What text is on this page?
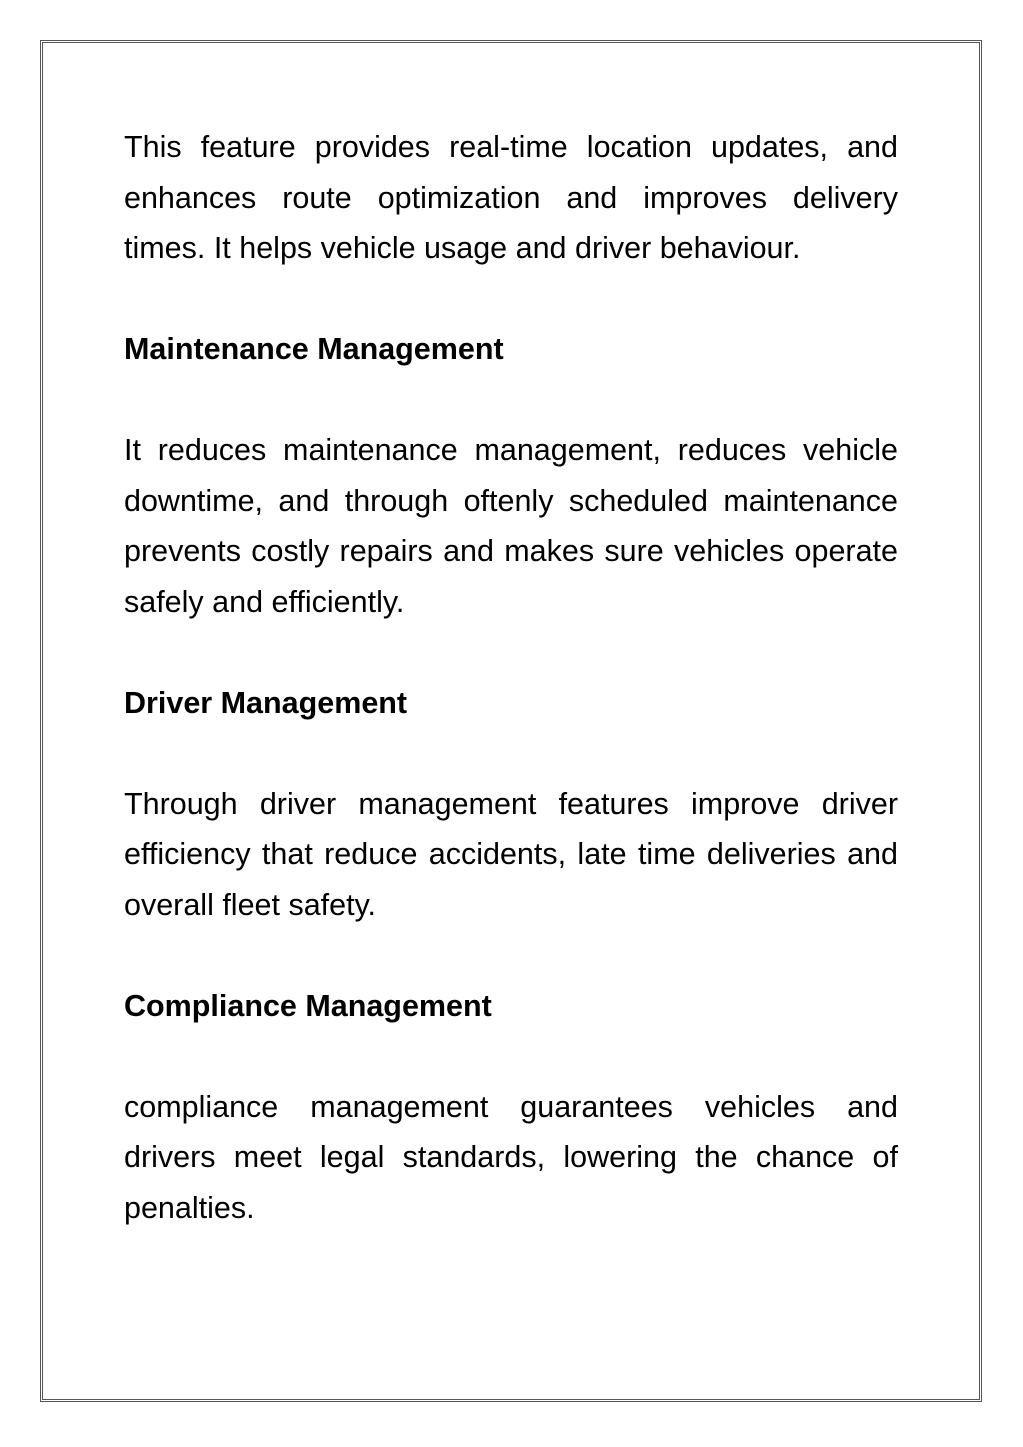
This feature provides real-time location updates, and enhances route optimization and improves delivery times. It helps vehicle usage and driver behaviour.

Maintenance Management

It reduces maintenance management, reduces vehicle downtime, and through oftenly scheduled maintenance prevents costly repairs and makes sure vehicles operate safely and efficiently.

Driver Management

Through driver management features improve driver efficiency that reduce accidents, late time deliveries and overall fleet safety.

Compliance Management

compliance management guarantees vehicles and drivers meet legal standards, lowering the chance of penalties.
